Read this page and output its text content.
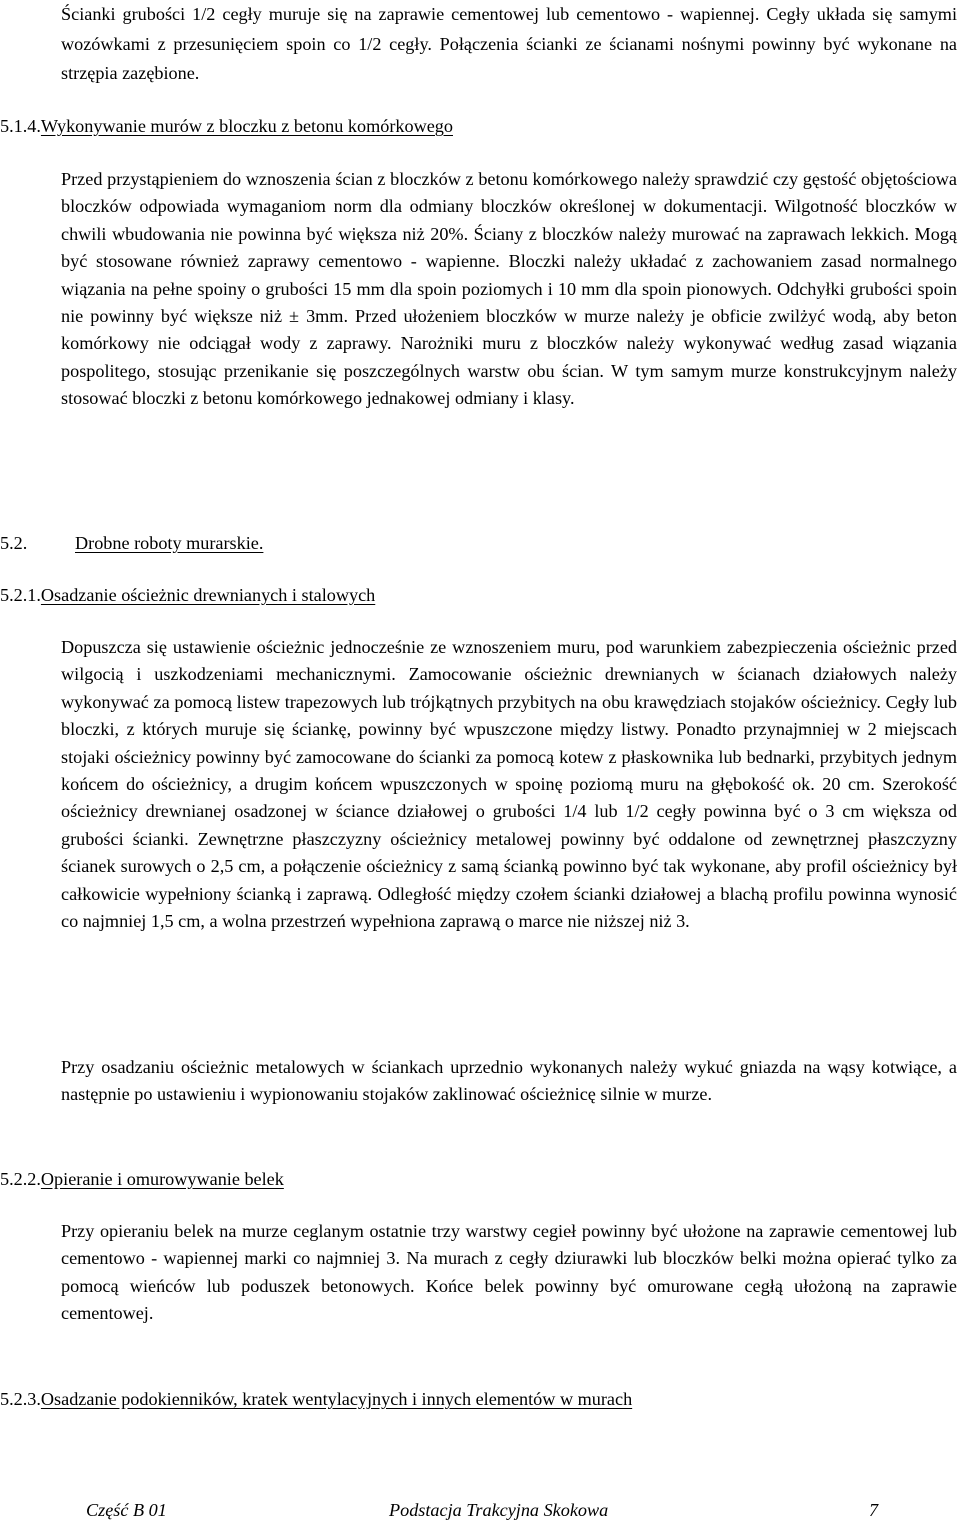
Ścianki grubości 1/2 cegły muruje się na zaprawie cementowej lub cementowo - wapiennej. Cegły układa się samymi wozówkami z przesunięciem spoin co 1/2 cegły. Połączenia ścianki ze ścianami nośnymi powinny być wykonane na strzępia zazębione.

5.1.4.Wykonywanie murów z bloczku z betonu komórkowego

Przed przystąpieniem do wznoszenia ścian z bloczków z betonu komórkowego należy sprawdzić czy gęstość objętościowa bloczków odpowiada wymaganiom norm dla odmiany bloczków określonej w dokumentacji. Wilgotność bloczków w chwili wbudowania nie powinna być większa niż 20%. Ściany z bloczków należy murować na zaprawach lekkich. Mogą być stosowane również zaprawy cementowo - wapienne. Bloczki należy układać z zachowaniem zasad normalnego wiązania na pełne spoiny o grubości 15 mm dla spoin poziomych i 10 mm dla spoin pionowych. Odchyłki grubości spoin nie powinny być większe niż ± 3mm. Przed ułożeniem bloczków w murze należy je obficie zwilżyć wodą, aby beton komórkowy nie odciągał wody z zaprawy. Narożniki muru z bloczków należy wykonywać według zasad wiązania pospolitego, stosując przenikanie się poszczególnych warstw obu ścian. W tym samym murze konstrukcyjnym należy stosować bloczki z betonu komórkowego jednakowej odmiany i klasy.

5.2.	Drobne roboty murarskie.
5.2.1.Osadzanie ościeżnic drewnianych i stalowych

Dopuszcza się ustawienie ościeżnic jednocześnie ze wznoszeniem muru, pod warunkiem zabezpieczenia ościeżnic przed wilgocią i uszkodzeniami mechanicznymi. Zamocowanie ościeżnic drewnianych w ścianach działowych należy wykonywać za pomocą listew trapezowych lub trójkątnych przybitych na obu krawędziach stojaków ościeżnicy. Cegły lub bloczki, z których muruje się ściankę, powinny być wpuszczone między listwy. Ponadto przynajmniej w 2 miejscach stojaki ościeżnicy powinny być zamocowane do ścianki za pomocą kotew z płaskownika lub bednarki, przybitych jednym końcem do ościeżnicy, a drugim końcem wpuszczonych w spoinę poziomą muru na głębokość ok. 20 cm. Szerokość ościeżnicy drewnianej osadzonej w ściance działowej o grubości 1/4 lub 1/2 cegły powinna być o 3 cm większa od grubości ścianki. Zewnętrzne płaszczyzny ościeżnicy metalowej powinny być oddalone od zewnętrznej płaszczyzny ścianek surowych o 2,5 cm, a połączenie ościeżnicy z samą ścianką powinno być tak wykonane, aby profil ościeżnicy był całkowicie wypełniony ścianką i zaprawą. Odległość między czołem ścianki działowej a blachą profilu powinna wynosić co najmniej 1,5 cm, a wolna przestrzeń wypełniona zaprawą o marce nie niższej niż 3.

Przy osadzaniu ościeżnic metalowych w ściankach uprzednio wykonanych należy wykuć gniazda na wąsy kotwiące, a następnie po ustawieniu i wypionowaniu stojaków zaklinować ościeżnicę silnie w murze.

5.2.2.Opieranie i omurowywanie belek

Przy opieraniu belek na murze ceglanym ostatnie trzy warstwy cegieł powinny być ułożone na zaprawie cementowej lub cementowo - wapiennej marki co najmniej 3. Na murach z cegły dziurawki lub bloczków belki można opierać tylko za pomocą wieńców lub poduszek betonowych. Końce belek powinny być omurowane cegłą ułożoną na zaprawie cementowej.

5.2.3.Osadzanie podokienników, kratek wentylacyjnych i innych elementów w murach
Część B 01	Podstacja Trakcyjna Skokowa	7
